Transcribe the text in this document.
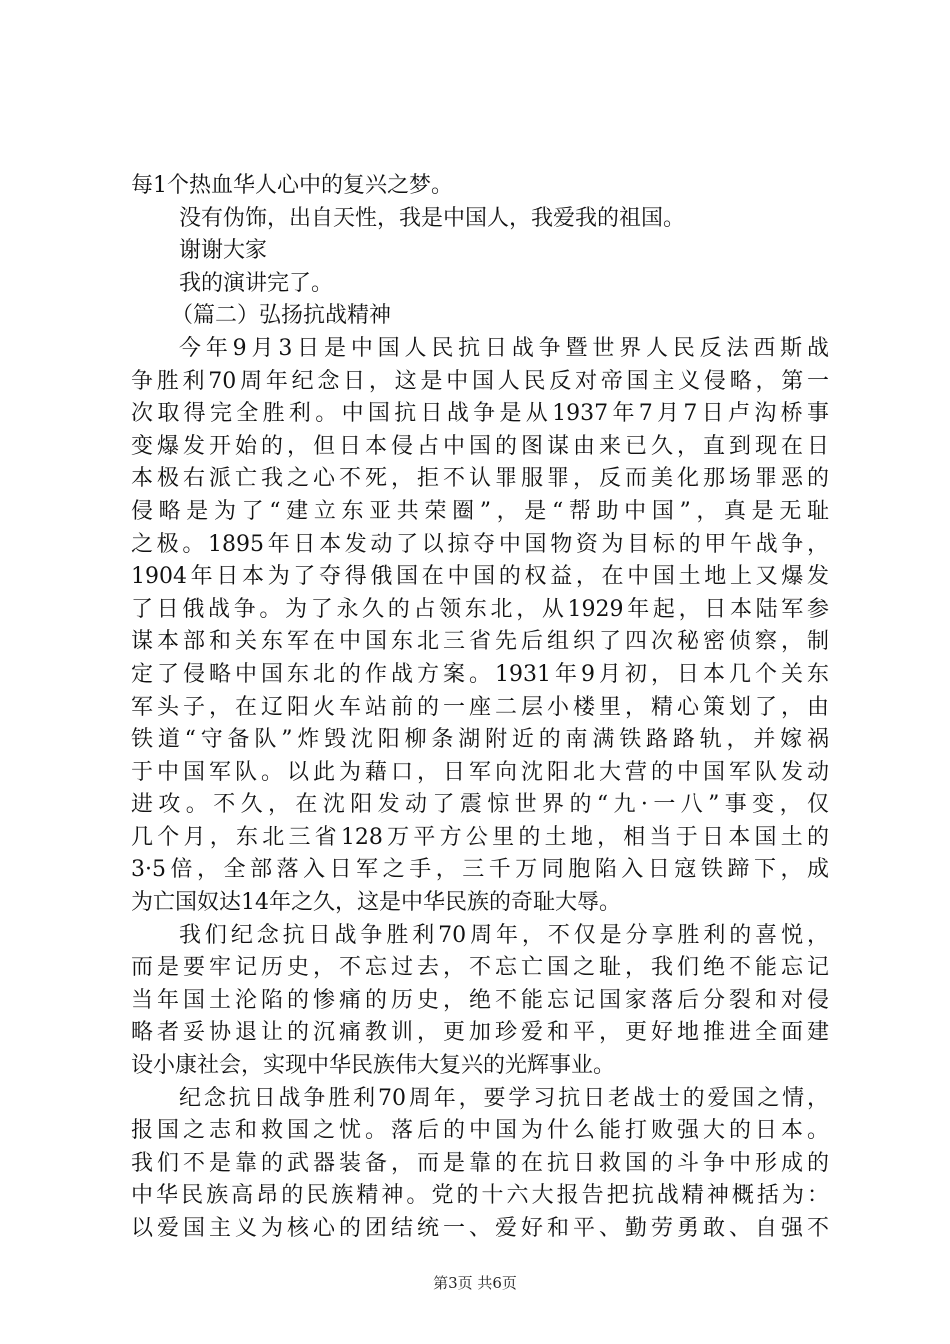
每1个热血华人心中的复兴之梦。
没有伪饰，出自天性，我是中国人，我爱我的祖国。
谢谢大家
我的演讲完了。
（篇二）弘扬抗战精神
今年9月3日是中国人民抗日战争暨世界人民反法西斯战
争胜利70周年纪念日，这是中国人民反对帝国主义侵略，第一
次取得完全胜利。中国抗日战争是从1937年7月7日卢沟桥事
变爆发开始的，但日本侵占中国的图谋由来已久，直到现在日
本极右派亡我之心不死，拒不认罪服罪，反而美化那场罪恶的
侵略是为了“建立东亚共荣圈”，是“帮助中国”，真是无耻
之极。1895年日本发动了以掠夺中国物资为目标的甲午战争，
1904年日本为了夺得俄国在中国的权益，在中国土地上又爆发
了日俄战争。为了永久的占领东北，从1929年起，日本陆军参
谋本部和关东军在中国东北三省先后组织了四次秘密侦察，制
定了侵略中国东北的作战方案。1931年9月初，日本几个关东
军头子，在辽阳火车站前的一座二层小楼里，精心策划了，由
铁道“守备队”炸毁沈阳柳条湖附近的南满铁路路轨，并嫁祸
于中国军队。以此为藉口，日军向沈阳北大营的中国军队发动
进攻。不久，在沈阳发动了震惊世界的“九·一八”事变，仅
几个月，东北三省128万平方公里的土地，相当于日本国土的
3·5倍，全部落入日军之手，三千万同胞陷入日寇铁蹄下，成
为亡国奴达14年之久，这是中华民族的奇耻大辱。
我们纪念抗日战争胜利70周年，不仅是分享胜利的喜悦，
而是要牢记历史，不忘过去，不忘亡国之耻，我们绝不能忘记
当年国土沦陷的惨痛的历史，绝不能忘记国家落后分裂和对侵
略者妥协退让的沉痛教训，更加珍爱和平，更好地推进全面建
设小康社会，实现中华民族伟大复兴的光辉事业。
纪念抗日战争胜利70周年，要学习抗日老战士的爱国之情，
报国之志和救国之忧。落后的中国为什么能打败强大的日本。
我们不是靠的武器装备，而是靠的在抗日救国的斗争中形成的
中华民族高昂的民族精神。党的十六大报告把抗战精神概括为：
以爱国主义为核心的团结统一、爱好和平、勤劳勇敢、自强不
第3页 共6页
